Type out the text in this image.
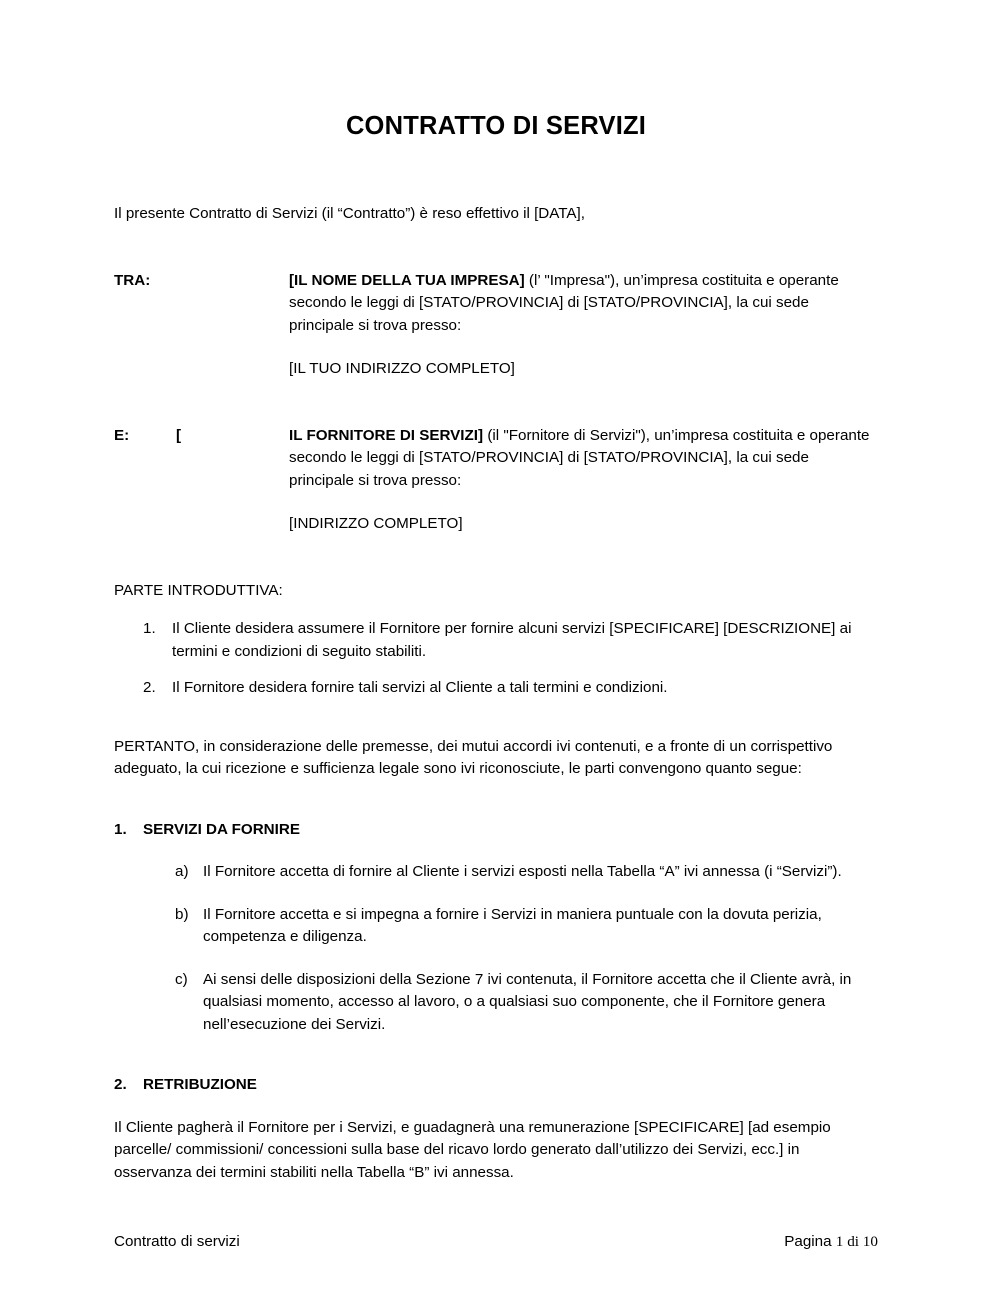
CONTRATTO DI SERVIZI

Il presente Contratto di Servizi (il “Contratto”) è reso effettivo il [DATA],

TRA:	[IL NOME DELLA TUA IMPRESA] (l’ "Impresa"), un’impresa costituita e operante secondo le leggi di [STATO/PROVINCIA] di [STATO/PROVINCIA], la cui sede principale si trova presso:
[IL TUO INDIRIZZO COMPLETO]
E:	[	IL FORNITORE DI SERVIZI] (il "Fornitore di Servizi"), un’impresa costituita e operante secondo le leggi di [STATO/PROVINCIA] di [STATO/PROVINCIA], la cui sede principale si trova presso:
[INDIRIZZO COMPLETO]
PARTE INTRODUTTIVA:
1. Il Cliente desidera assumere il Fornitore per fornire alcuni servizi [SPECIFICARE] [DESCRIZIONE] ai termini e condizioni di seguito stabiliti.
2. Il Fornitore desidera fornire tali servizi al Cliente a tali termini e condizioni.

PERTANTO, in considerazione delle premesse, dei mutui accordi ivi contenuti, e a fronte di un corrispettivo adeguato, la cui ricezione e sufficienza legale sono ivi riconosciute, le parti convengono quanto segue:

1. SERVIZI DA FORNIRE
a) Il Fornitore accetta di fornire al Cliente i servizi esposti nella Tabella “A” ivi annessa (i “Servizi”).
b) Il Fornitore accetta e si impegna a fornire i Servizi in maniera puntuale con la dovuta perizia, competenza e diligenza.
c) Ai sensi delle disposizioni della Sezione 7 ivi contenuta, il Fornitore accetta che il Cliente avrà, in qualsiasi momento, accesso al lavoro, o a qualsiasi suo componente, che il Fornitore genera nell’esecuzione dei Servizi.
2. RETRIBUZIONE

Il Cliente pagherà il Fornitore per i Servizi, e guadagnerà una remunerazione [SPECIFICARE] [ad esempio parcelle/ commissioni/ concessioni sulla base del ricavo lordo generato dall’utilizzo dei Servizi, ecc.] in osservanza dei termini stabiliti nella Tabella “B” ivi annessa.

Contratto di servizi	Pagina 1 di 10
